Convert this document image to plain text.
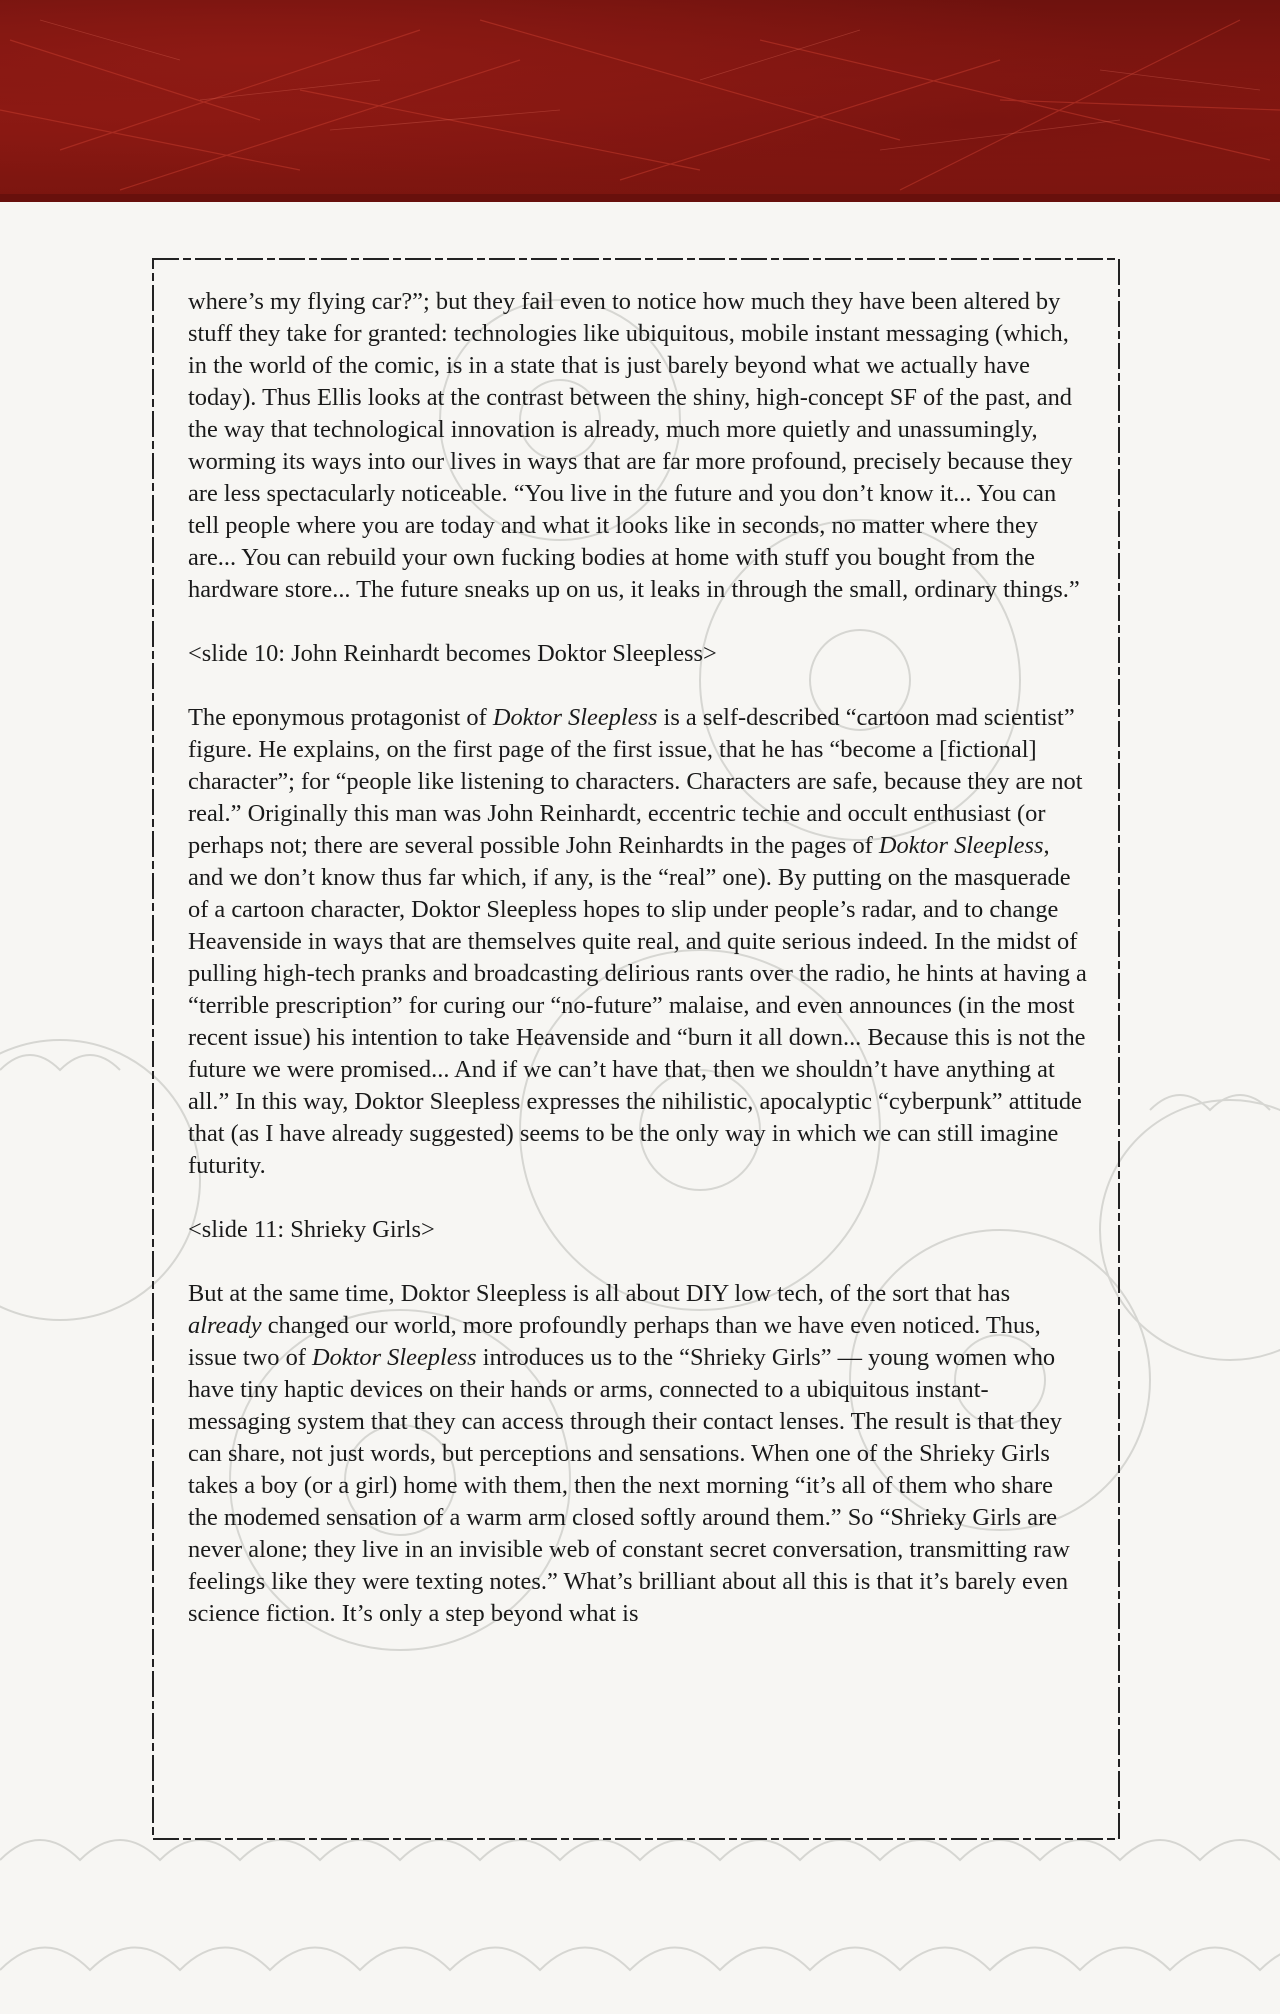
where’s my flying car?”; but they fail even to notice how much they have been altered by stuff they take for granted: technologies like ubiquitous, mobile instant messaging (which, in the world of the comic, is in a state that is just barely beyond what we actually have today). Thus Ellis looks at the contrast between the shiny, high-concept SF of the past, and the way that technological innovation is already, much more quietly and unassumingly, worming its ways into our lives in ways that are far more profound, precisely because they are less spectacularly noticeable. “You live in the future and you don’t know it... You can tell people where you are today and what it looks like in seconds, no matter where they are... You can rebuild your own fucking bodies at home with stuff you bought from the hardware store... The future sneaks up on us, it leaks in through the small, ordinary things.”

<slide 10: John Reinhardt becomes Doktor Sleepless>

The eponymous protagonist of Doktor Sleepless is a self-described “cartoon mad scientist” figure. He explains, on the first page of the first issue, that he has “become a [fictional] character”; for “people like listening to characters. Characters are safe, because they are not real.” Originally this man was John Reinhardt, eccentric techie and occult enthusiast (or perhaps not; there are several possible John Reinhardts in the pages of Doktor Sleepless, and we don’t know thus far which, if any, is the “real” one). By putting on the masquerade of a cartoon character, Doktor Sleepless hopes to slip under people’s radar, and to change Heavenside in ways that are themselves quite real, and quite serious indeed. In the midst of pulling high-tech pranks and broadcasting delirious rants over the radio, he hints at having a “terrible prescription” for curing our “no-future” malaise, and even announces (in the most recent issue) his intention to take Heavenside and “burn it all down... Because this is not the future we were promised... And if we can’t have that, then we shouldn’t have anything at all.” In this way, Doktor Sleepless expresses the nihilistic, apocalyptic “cyberpunk” attitude that (as I have already suggested) seems to be the only way in which we can still imagine futurity.

<slide 11: Shrieky Girls>

But at the same time, Doktor Sleepless is all about DIY low tech, of the sort that has already changed our world, more profoundly perhaps than we have even noticed. Thus, issue two of Doktor Sleepless introduces us to the “Shrieky Girls” — young women who have tiny haptic devices on their hands or arms, connected to a ubiquitous instant-messaging system that they can access through their contact lenses. The result is that they can share, not just words, but perceptions and sensations. When one of the Shrieky Girls takes a boy (or a girl) home with them, then the next morning “it’s all of them who share the modemed sensation of a warm arm closed softly around them.” So “Shrieky Girls are never alone; they live in an invisible web of constant secret conversation, transmitting raw feelings like they were texting notes.” What’s brilliant about all this is that it’s barely even science fiction. It’s only a step beyond what is
